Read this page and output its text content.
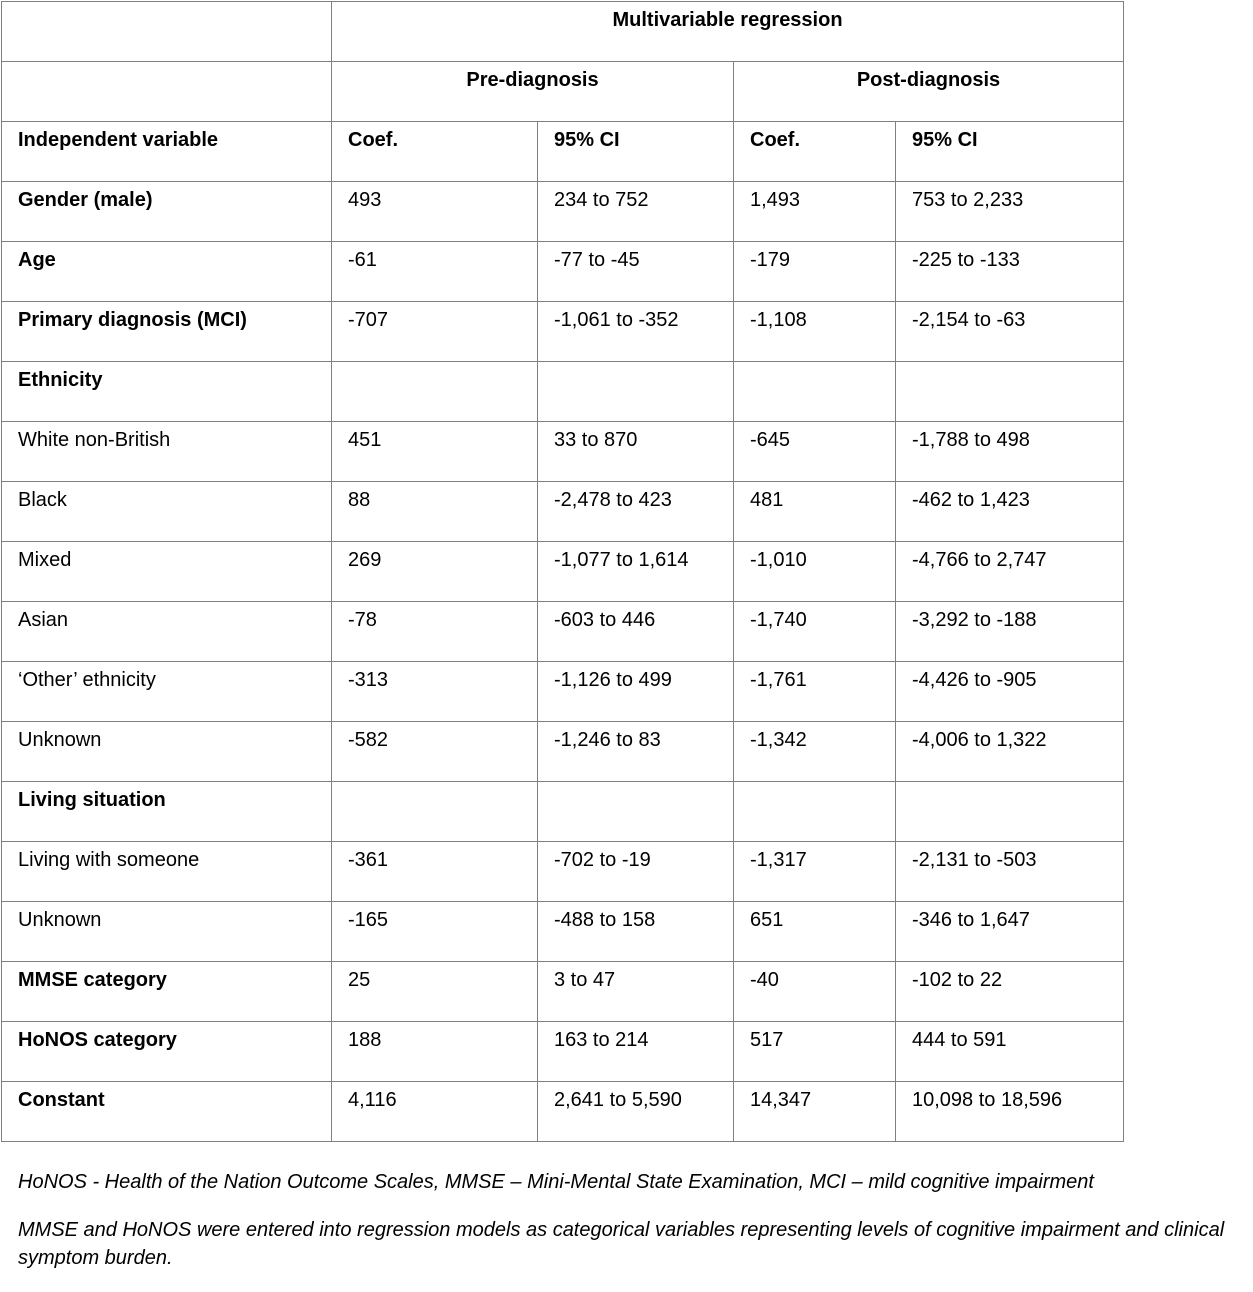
	Multivariable regression			

	Pre-diagnosis		Post-diagnosis	

Independent variable	Coef.	95% CI	Coef.	95% CI

Gender (male)	493	234 to 752	1,493	753 to 2,233

Age	-61	-77 to -45	-179	-225 to -133

Primary diagnosis (MCI)	-707	-1,061 to -352	-1,108	-2,154 to -63

Ethnicity				

White non-British	451	33 to 870	-645	-1,788 to 498

Black	88	-2,478 to 423	481	-462 to 1,423

Mixed	269	-1,077 to 1,614	-1,010	-4,766 to 2,747

Asian	-78	-603 to 446	-1,740	-3,292 to -188

‘Other’ ethnicity	-313	-1,126 to 499	-1,761	-4,426 to -905

Unknown	-582	-1,246 to 83	-1,342	-4,006 to 1,322

Living situation				

Living with someone	-361	-702 to -19	-1,317	-2,131 to -503

Unknown	-165	-488 to 158	651	-346 to 1,647

MMSE category	25	3 to 47	-40	-102 to 22

HoNOS category	188	163 to 214	517	444 to 591

Constant	4,116	2,641 to 5,590	14,347	10,098 to 18,596

HoNOS - Health of the Nation Outcome Scales, MMSE – Mini-Mental State Examination, MCI – mild cognitive impairment

MMSE and HoNOS were entered into regression models as categorical variables representing levels of cognitive impairment and clinical symptom burden.
